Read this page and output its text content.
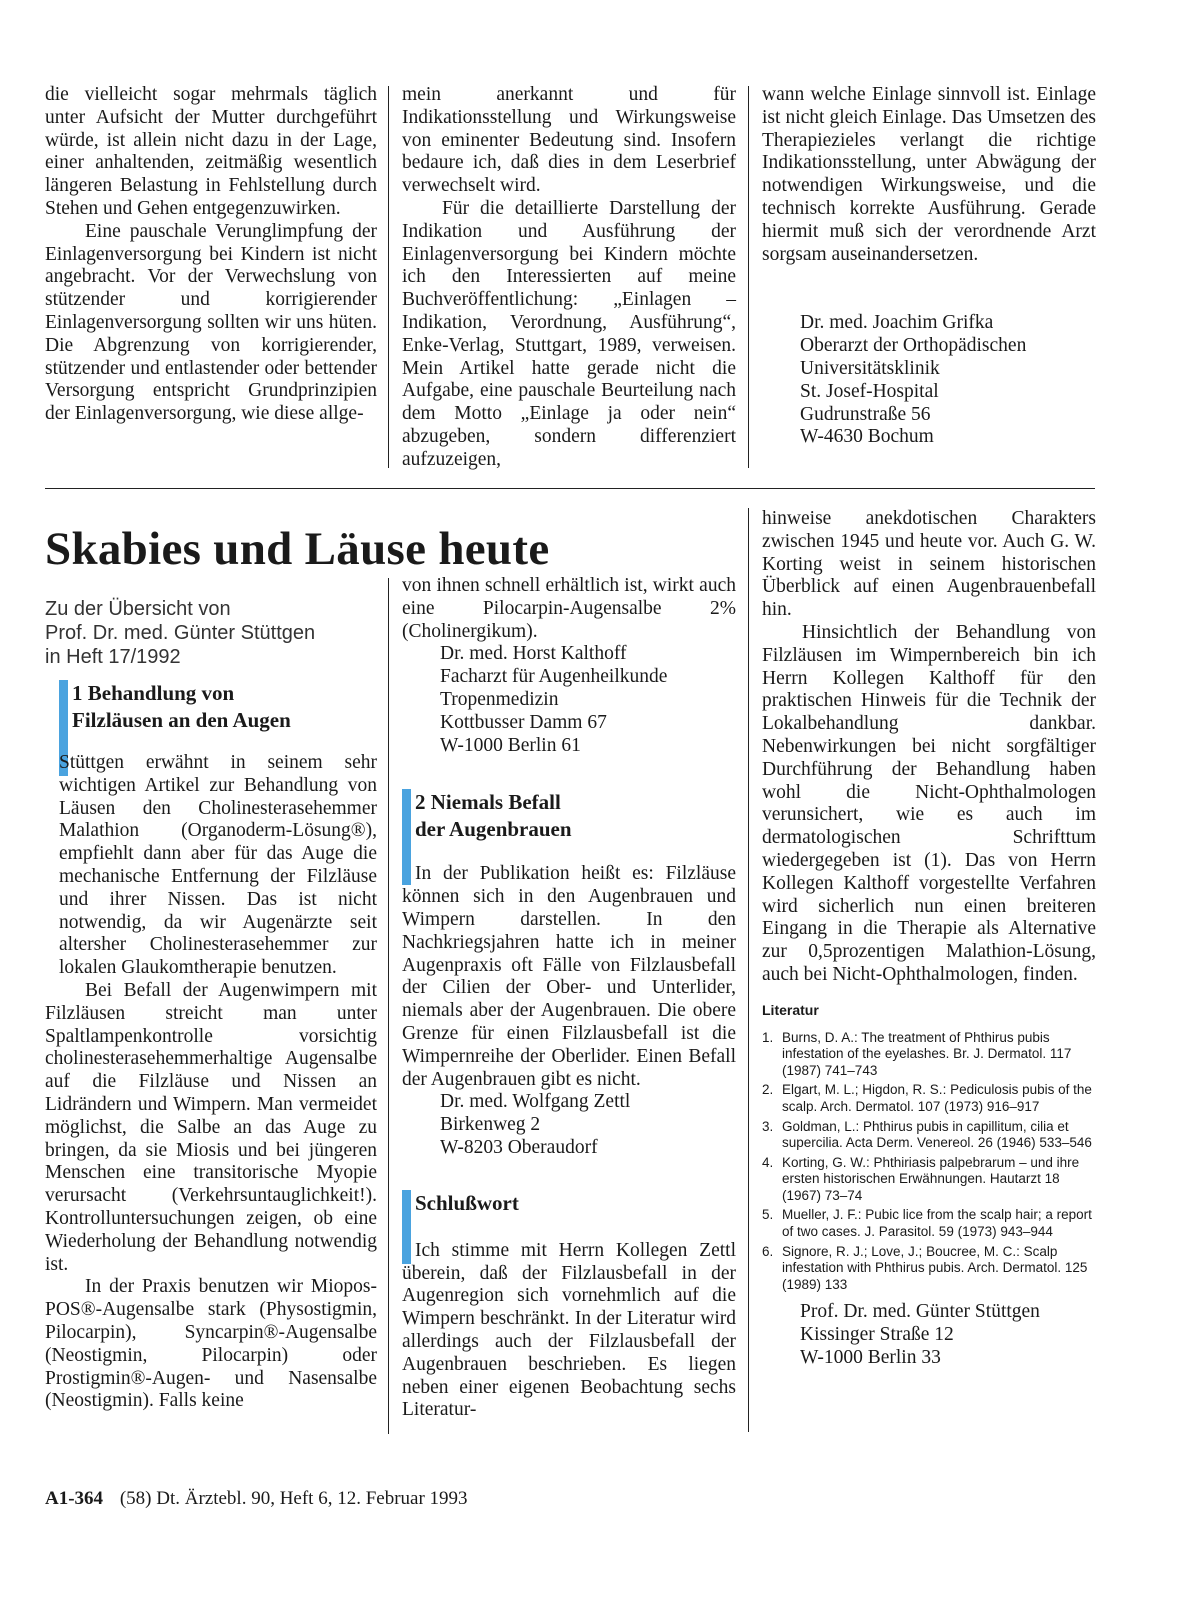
die vielleicht sogar mehrmals täglich unter Aufsicht der Mutter durchgeführt würde, ist allein nicht dazu in der Lage, einer anhaltenden, zeitmäßig wesentlich längeren Belastung in Fehlstellung durch Stehen und Gehen entgegenzuwirken.

Eine pauschale Verunglimpfung der Einlagenversorgung bei Kindern ist nicht angebracht. Vor der Verwechslung von stützender und korrigierender Einlagenversorgung sollten wir uns hüten. Die Abgrenzung von korrigierender, stützender und entlastender oder bettender Versorgung entspricht Grundprinzipien der Einlagenversorgung, wie diese allge-

mein anerkannt und für Indikationsstellung und Wirkungsweise von eminenter Bedeutung sind. Insofern bedaure ich, daß dies in dem Leserbrief verwechselt wird.

Für die detaillierte Darstellung der Indikation und Ausführung der Einlagenversorgung bei Kindern möchte ich den Interessierten auf meine Buchveröffentlichung: „Einlagen – Indikation, Verordnung, Ausführung“, Enke-Verlag, Stuttgart, 1989, verweisen. Mein Artikel hatte gerade nicht die Aufgabe, eine pauschale Beurteilung nach dem Motto „Einlage ja oder nein“ abzugeben, sondern differenziert aufzuzeigen,

wann welche Einlage sinnvoll ist. Einlage ist nicht gleich Einlage. Das Umsetzen des Therapiezieles verlangt die richtige Indikationsstellung, unter Abwägung der notwendigen Wirkungsweise, und die technisch korrekte Ausführung. Gerade hiermit muß sich der verordnende Arzt sorgsam auseinandersetzen.

Dr. med. Joachim Grifka
Oberarzt der Orthopädischen
Universitätsklinik
St. Josef-Hospital
Gudrunstraße 56
W-4630 Bochum
Skabies und Läuse heute
Zu der Übersicht von
Prof. Dr. med. Günter Stüttgen
in Heft 17/1992
1 Behandlung von
Filzläusen an den Augen

Stüttgen erwähnt in seinem sehr wichtigen Artikel zur Behandlung von Läusen den Cholinesterasehemmer Malathion (Organoderm-Lösung®), empfiehlt dann aber für das Auge die mechanische Entfernung der Filzläuse und ihrer Nissen. Das ist nicht notwendig, da wir Augenärzte seit altersher Cholinesterasehemmer zur lokalen Glaukomtherapie benutzen.

Bei Befall der Augenwimpern mit Filzläusen streicht man unter Spaltlampenkontrolle vorsichtig cholinesterasehemmerhaltige Augensalbe auf die Filzläuse und Nissen an Lidrändern und Wimpern. Man vermeidet möglichst, die Salbe an das Auge zu bringen, da sie Miosis und bei jüngeren Menschen eine transitorische Myopie verursacht (Verkehrsuntauglichkeit!). Kontrolluntersuchungen zeigen, ob eine Wiederholung der Behandlung notwendig ist.

In der Praxis benutzen wir Miopos-POS®-Augensalbe stark (Physostigmin, Pilocarpin), Syncarpin®-Augensalbe (Neostigmin, Pilocarpin) oder Prostigmin®-Augen- und Nasensalbe (Neostigmin). Falls keine

von ihnen schnell erhältlich ist, wirkt auch eine Pilocarpin-Augensalbe 2% (Cholinergikum).

Dr. med. Horst Kalthoff
Facharzt für Augenheilkunde
Tropenmedizin
Kottbusser Damm 67
W-1000 Berlin 61
2 Niemals Befall
der Augenbrauen

In der Publikation heißt es: Filzläuse können sich in den Augenbrauen und Wimpern darstellen. In den Nachkriegsjahren hatte ich in meiner Augenpraxis oft Fälle von Filzlausbefall der Cilien der Ober- und Unterlider, niemals aber der Augenbrauen. Die obere Grenze für einen Filzlausbefall ist die Wimpernreihe der Oberlider. Einen Befall der Augenbrauen gibt es nicht.

Dr. med. Wolfgang Zettl
Birkenweg 2
W-8203 Oberaudorf
Schlußwort

Ich stimme mit Herrn Kollegen Zettl überein, daß der Filzlausbefall in der Augenregion sich vornehmlich auf die Wimpern beschränkt. In der Literatur wird allerdings auch der Filzlausbefall der Augenbrauen beschrieben. Es liegen neben einer eigenen Beobachtung sechs Literatur-

hinweise anekdotischen Charakters zwischen 1945 und heute vor. Auch G. W. Korting weist in seinem historischen Überblick auf einen Augenbrauenbefall hin.

Hinsichtlich der Behandlung von Filzläusen im Wimpernbereich bin ich Herrn Kollegen Kalthoff für den praktischen Hinweis für die Technik der Lokalbehandlung dankbar. Nebenwirkungen bei nicht sorgfältiger Durchführung der Behandlung haben wohl die Nicht-Ophthalmologen verunsichert, wie es auch im dermatologischen Schrifttum wiedergegeben ist (1). Das von Herrn Kollegen Kalthoff vorgestellte Verfahren wird sicherlich nun einen breiteren Eingang in die Therapie als Alternative zur 0,5prozentigen Malathion-Lösung, auch bei Nicht-Ophthalmologen, finden.

Literatur

1. Burns, D. A.: The treatment of Phthirus pubis infestation of the eyelashes. Br. J. Dermatol. 117 (1987) 741–743
2. Elgart, M. L.; Higdon, R. S.: Pediculosis pubis of the scalp. Arch. Dermatol. 107 (1973) 916–917
3. Goldman, L.: Phthirus pubis in capillitum, cilia et supercilia. Acta Derm. Venereol. 26 (1946) 533–546
4. Korting, G. W.: Phthiriasis palpebrarum – und ihre ersten historischen Erwähnungen. Hautarzt 18 (1967) 73–74
5. Mueller, J. F.: Pubic lice from the scalp hair; a report of two cases. J. Parasitol. 59 (1973) 943–944
6. Signore, R. J.; Love, J.; Boucree, M. C.: Scalp infestation with Phthirus pubis. Arch. Dermatol. 125 (1989) 133
Prof. Dr. med. Günter Stüttgen
Kissinger Straße 12
W-1000 Berlin 33
A1-364 (58) Dt. Ärztebl. 90, Heft 6, 12. Februar 1993
